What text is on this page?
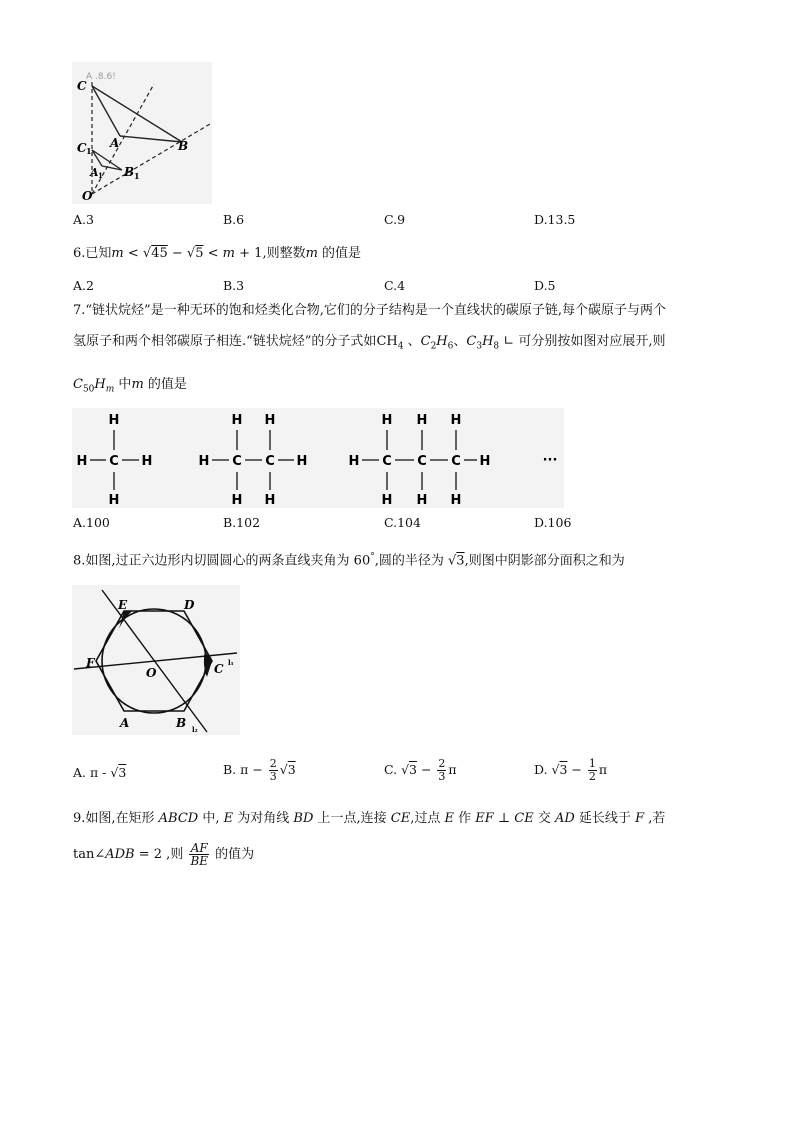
A .8.6!
C
A	B
C 1
A 1 B 1
O
A.3	B.6	C.9	D.13.5
6.已知m < √45 − √5 < m + 1,则整数m 的值是
A.2	B.3	C.4	D.5
7.“链状烷烃”是一种无环的饱和烃类化合物,它们的分子结构是一个直线状的碳原子链,每个碳原子与两个
氢原子和两个相邻碳原子相连.“链状烷烃”的分子式如$CH_4$ 、$C_2H_6$、$C_3H_8$ ∟ 可分别按如图对应展开,则
$C_{50}H_m$ 中m 的值是
H C
H
H
H	H C
H
H
C
H
H
H	H C
H
H
C
H
H
C
H
H
H	···
A.100	B.102	C.104	D.106
8.如图,过正六边形内切圆圆心的两条直线夹角为 60°,圆的半径为 √3,则图中阴影部分面积之和为
E	D
F
O	C
A	B
l₁
l₂
A. π - √3	B. $\pi - \frac{2}{3} √3$	C. $√3 - \frac{2}{3}$ π	D. $√3 - \frac{1}{2}$ π
9.如图,在矩形 ABCD 中, E 为对角线 BD 上一点,连接 CE,过点 E 作 EF ⊥ CE 交 AD 延长线于 F ,若
tan∠ADB = 2 ,则 $\frac{AF}{BE}$ 的值为
